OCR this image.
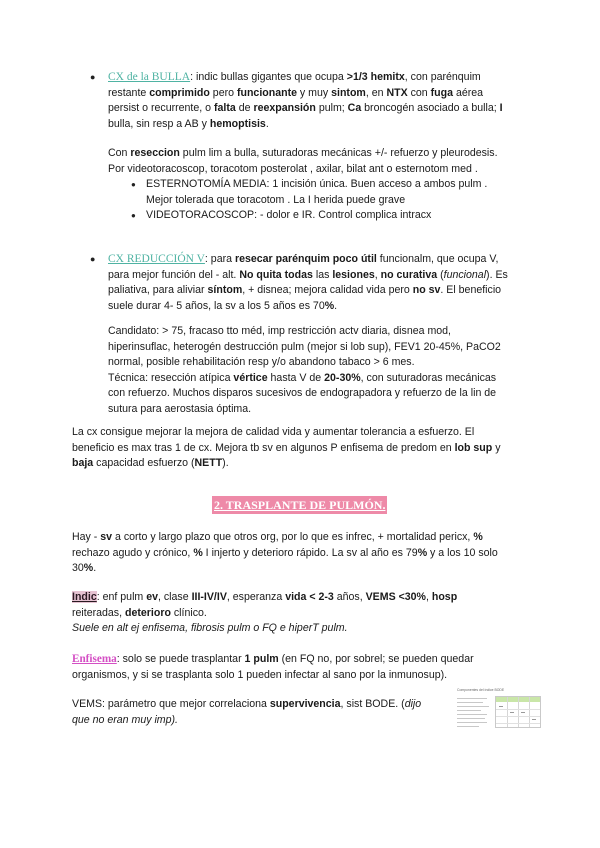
● CX de la BULLA: indic bullas gigantes que ocupa >1/3 hemitx, con parénquim

restante comprimido pero funcionante y muy sintom, en NTX con fuga aérea

persist o recurrente, o falta de reexpansión pulm; Ca broncogén asociado a bulla; I

bulla, sin resp a AB y hemoptisis.

Con reseccion pulm lim a bulla, suturadoras mecánicas +/- refuerzo y pleurodesis.

Por videotoracoscop, toracotom posterolat , axilar, bilat ant o esternotom med .

● ESTERNOTOMÍA MEDIA: 1 incisión única. Buen acceso a ambos pulm .

Mejor tolerada que toracotom . La I herida puede grave

● VIDEOTORACOSCOP: - dolor e IR. Control complica intracx

● CX REDUCCIÓN V: para resecar parénquim poco útil funcionalm, que ocupa V,

para mejor función del - alt. No quita todas las lesiones, no curativa (funcional). Es

paliativa, para aliviar síntom, + disnea; mejora calidad vida pero no sv. El beneficio

suele durar 4- 5 años, la sv a los 5 años es 70%.

Candidato: > 75, fracaso tto méd, imp restricción actv diaria, disnea mod,

hiperinsuflac, heterogén destrucción pulm (mejor si lob sup), FEV1 20-45%, PaCO2

normal, posible rehabilitación resp y/o abandono tabaco > 6 mes.

Técnica: resección atípica vértice hasta V de 20-30%, con suturadoras mecánicas

con refuerzo. Muchos disparos sucesivos de endograpadora y refuerzo de la lin de

sutura para aerostasia óptima.

La cx consigue mejorar la mejora de calidad vida y aumentar tolerancia a esfuerzo. El

beneficio es max tras 1 de cx. Mejora tb sv en algunos P enfisema de predom en lob sup y

baja capacidad esfuerzo (NETT).

2. TRASPLANTE DE PULMÓN.

Hay - sv a corto y largo plazo que otros org, por lo que es infrec, + mortalidad pericx, %

rechazo agudo y crónico, % I injerto y deterioro rápido. La sv al año es 79% y a los 10 solo

30%.

Indic: enf pulm ev, clase III-IV/IV, esperanza vida < 2-3 años, VEMS <30%, hosp

reiteradas, deterioro clínico.

Suele en alt ej enfisema, fibrosis pulm o FQ e hiperT pulm.

Enfisema: solo se puede trasplantar 1 pulm (en FQ no, por sobrel; se pueden quedar

organismos, y si se trasplanta solo 1 pueden infectar al sano por la inmunosup).

VEMS: parámetro que mejor correlaciona supervivencia, sist BODE. (dijo

que no eran muy imp).

Componentes del índice BODE
